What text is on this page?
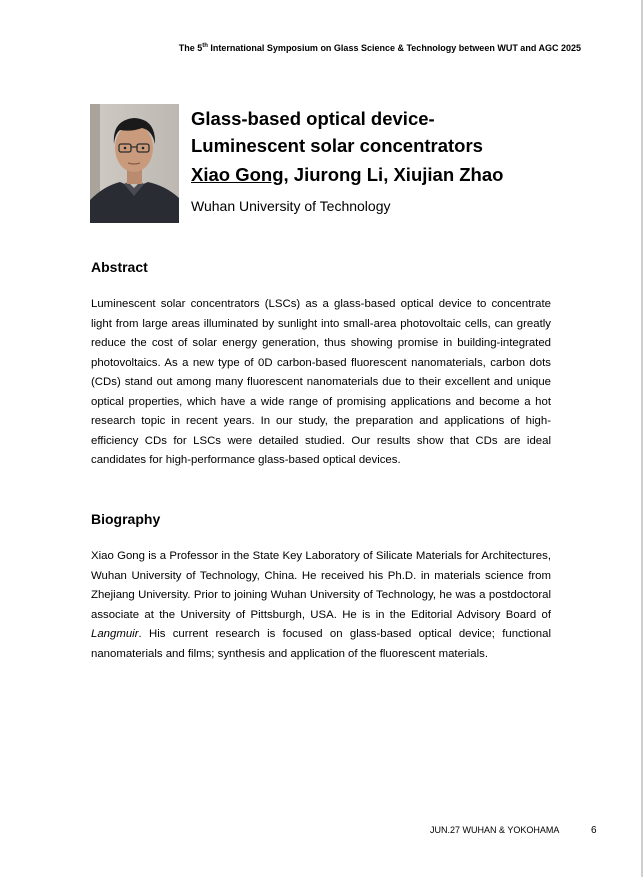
The 5th International Symposium on Glass Science & Technology between WUT and AGC 2025
Glass-based optical device-
Luminescent solar concentrators
Xiao Gong, Jiurong Li, Xiujian Zhao
Wuhan University of Technology
Abstract
Luminescent solar concentrators (LSCs) as a glass-based optical device to concentrate light from large areas illuminated by sunlight into small-area photovoltaic cells, can greatly reduce the cost of solar energy generation, thus showing promise in building-integrated photovoltaics. As a new type of 0D carbon-based fluorescent nanomaterials, carbon dots (CDs) stand out among many fluorescent nanomaterials due to their excellent and unique optical properties, which have a wide range of promising applications and become a hot research topic in recent years. In our study, the preparation and applications of high-efficiency CDs for LSCs were detailed studied. Our results show that CDs are ideal candidates for high-performance glass-based optical devices.
Biography
Xiao Gong is a Professor in the State Key Laboratory of Silicate Materials for Architectures, Wuhan University of Technology, China. He received his Ph.D. in materials science from Zhejiang University. Prior to joining Wuhan University of Technology, he was a postdoctoral associate at the University of Pittsburgh, USA. He is in the Editorial Advisory Board of Langmuir. His current research is focused on glass-based optical device; functional nanomaterials and films; synthesis and application of the fluorescent materials.
JUN.27 WUHAN & YOKOHAMA	6
